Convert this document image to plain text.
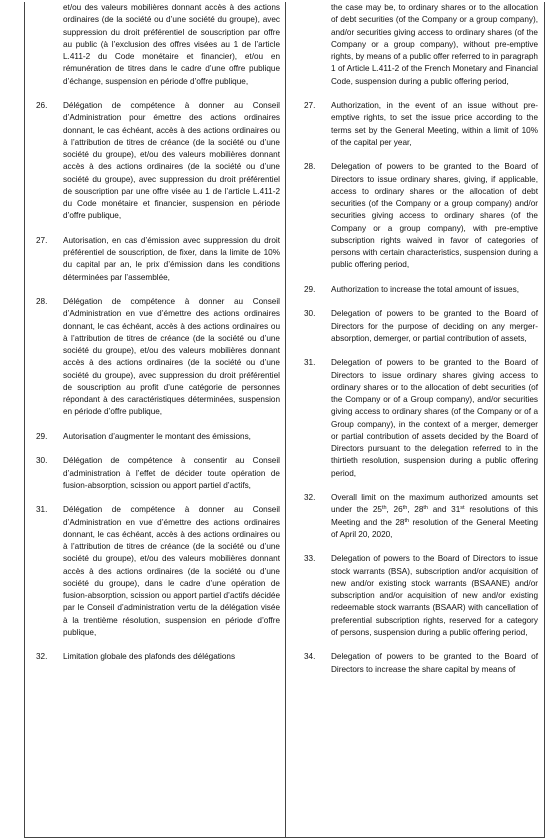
et/ou des valeurs mobilières donnant accès à des actions ordinaires (de la société ou d’une société du groupe), avec suppression du droit préférentiel de souscription par offre au public (à l’exclusion des offres visées au 1 de l’article L.411-2 du Code monétaire et financier), et/ou en rémunération de titres dans le cadre d’une offre publique d’échange, suspension en période d’offre publique,
26. Délégation de compétence à donner au Conseil d’Administration pour émettre des actions ordinaires donnant, le cas échéant, accès à des actions ordinaires ou à l’attribution de titres de créance (de la société ou d’une société du groupe), et/ou des valeurs mobilières donnant accès à des actions ordinaires (de la société ou d’une société du groupe), avec suppression du droit préférentiel de souscription par une offre visée au 1 de l’article L.411-2 du Code monétaire et financier, suspension en période d’offre publique,
27. Autorisation, en cas d’émission avec suppression du droit préférentiel de souscription, de fixer, dans la limite de 10% du capital par an, le prix d’émission dans les conditions déterminées par l’assemblée,
28. Délégation de compétence à donner au Conseil d’Administration en vue d’émettre des actions ordinaires donnant, le cas échéant, accès à des actions ordinaires ou à l’attribution de titres de créance (de la société ou d’une société du groupe), et/ou des valeurs mobilières donnant accès à des actions ordinaires (de la société ou d’une société du groupe), avec suppression du droit préférentiel de souscription au profit d’une catégorie de personnes répondant à des caractéristiques déterminées, suspension en période d’offre publique,
29. Autorisation d’augmenter le montant des émissions,
30. Délégation de compétence à consentir au Conseil d’administration à l’effet de décider toute opération de fusion-absorption, scission ou apport partiel d’actifs,
31. Délégation de compétence à donner au Conseil d’Administration en vue d’émettre des actions ordinaires donnant, le cas échéant, accès à des actions ordinaires ou à l’attribution de titres de créance (de la société ou d’une société du groupe), et/ou des valeurs mobilières donnant accès à des actions ordinaires (de la société ou d’une société du groupe), dans le cadre d’une opération de fusion-absorption, scission ou apport partiel d’actifs décidée par le Conseil d’administration vertu de la délégation visée à la trentième résolution, suspension en période d’offre publique,
32. Limitation globale des plafonds des délégations
the case may be, to ordinary shares or to the allocation of debt securities (of the Company or a group company), and/or securities giving access to ordinary shares (of the Company or a group company), without pre-emptive rights, by means of a public offer referred to in paragraph 1 of Article L.411-2 of the French Monetary and Financial Code, suspension during a public offering period,
27. Authorization, in the event of an issue without pre-emptive rights, to set the issue price according to the terms set by the General Meeting, within a limit of 10% of the capital per year,
28. Delegation of powers to be granted to the Board of Directors to issue ordinary shares, giving, if applicable, access to ordinary shares or the allocation of debt securities (of the Company or a group company) and/or securities giving access to ordinary shares (of the Company or a group company), with pre-emptive subscription rights waived in favor of categories of persons with certain characteristics, suspension during a public offering period,
29. Authorization to increase the total amount of issues,
30. Delegation of powers to be granted to the Board of Directors for the purpose of deciding on any merger-absorption, demerger, or partial contribution of assets,
31. Delegation of powers to be granted to the Board of Directors to issue ordinary shares giving access to ordinary shares or to the allocation of debt securities (of the Company or of a Group company), and/or securities giving access to ordinary shares (of the Company or of a Group company), in the context of a merger, demerger or partial contribution of assets decided by the Board of Directors pursuant to the delegation referred to in the thirtieth resolution, suspension during a public offering period,
32. Overall limit on the maximum authorized amounts set under the 25th, 26th, 28th and 31st resolutions of this Meeting and the 28th resolution of the General Meeting of April 20, 2020,
33. Delegation of powers to the Board of Directors to issue stock warrants (BSA), subscription and/or acquisition of new and/or existing stock warrants (BSAANE) and/or subscription and/or acquisition of new and/or existing redeemable stock warrants (BSAAR) with cancellation of preferential subscription rights, reserved for a category of persons, suspension during a public offering period,
34. Delegation of powers to be granted to the Board of Directors to increase the share capital by means of
